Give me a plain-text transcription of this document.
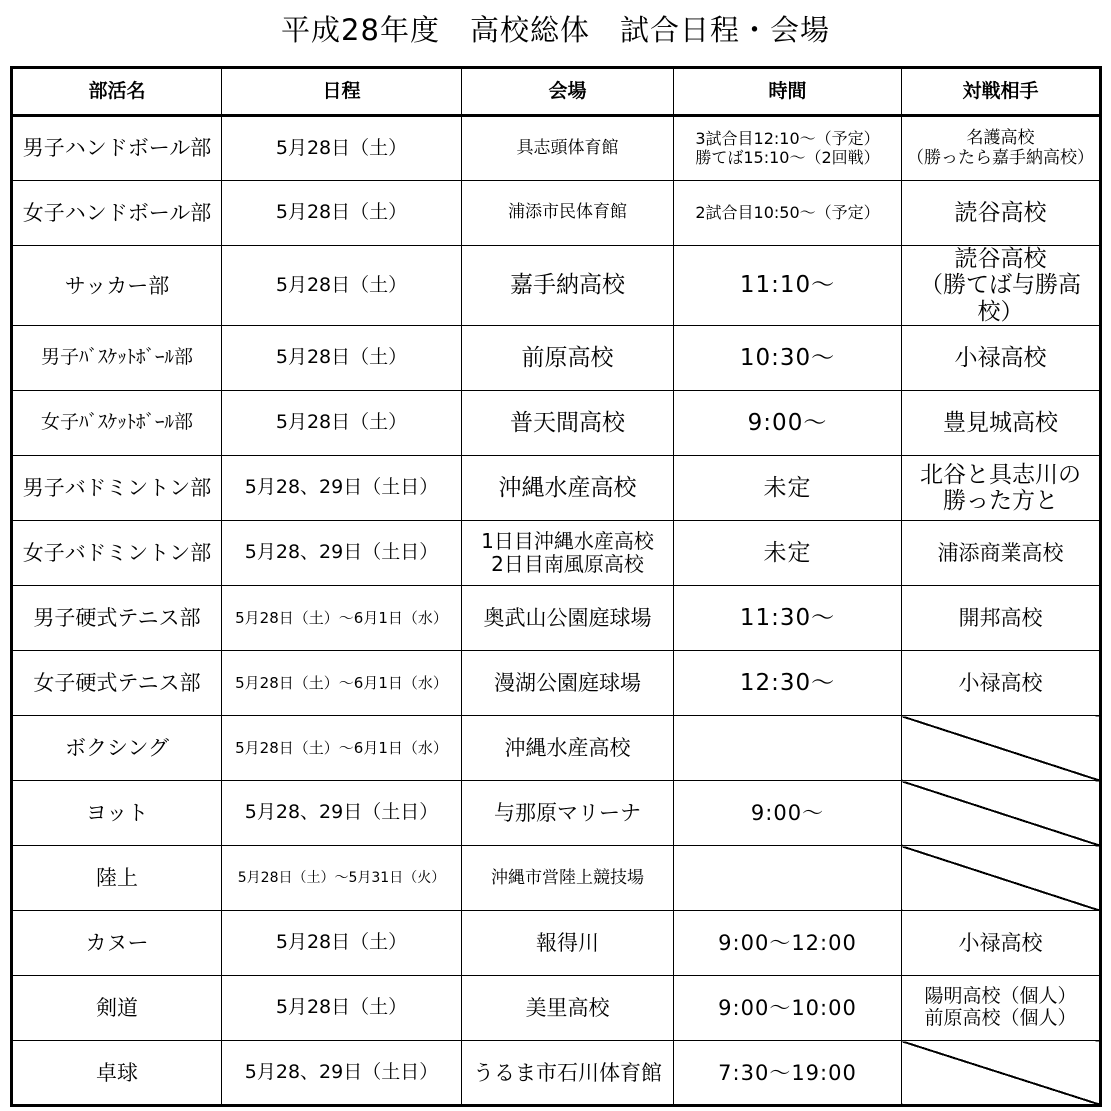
平成28年度　高校総体　試合日程・会場
部活名	日程	会場	時間	対戦相手
男子ハンドボール部	5月28日（土）	具志頭体育館	3試合目12:10～（予定）
勝てば15:10～（2回戦）	名護高校
（勝ったら嘉手納高校）
女子ハンドボール部	5月28日（土）	浦添市民体育館	2試合目10:50～（予定）	読谷高校
サッカー部	5月28日（土）	嘉手納高校	11:10～	読谷高校
（勝てば与勝高校）
男子ﾊﾞｽｹｯﾄﾎﾞｰﾙ部	5月28日（土）	前原高校	10:30～	小禄高校
女子ﾊﾞｽｹｯﾄﾎﾞｰﾙ部	5月28日（土）	普天間高校	9:00～	豊見城高校
男子バドミントン部	5月28、29日（土日）	沖縄水産高校	未定	北谷と具志川の
勝った方と
女子バドミントン部	5月28、29日（土日）	1日目沖縄水産高校
2日目南風原高校	未定	浦添商業高校
男子硬式テニス部	5月28日（土）～6月1日（水）	奥武山公園庭球場	11:30～	開邦高校
女子硬式テニス部	5月28日（土）～6月1日（水）	漫湖公園庭球場	12:30～	小禄高校
ボクシング	5月28日（土）～6月1日（水）	沖縄水産高校		
ヨット	5月28、29日（土日）	与那原マリーナ	9:00～	
陸上	5月28日（土）～5月31日（火）	沖縄市営陸上競技場		
カヌー	5月28日（土）	報得川	9:00～12:00	小禄高校
剣道	5月28日（土）	美里高校	9:00～10:00	陽明高校（個人）
前原高校（個人）
卓球	5月28、29日（土日）	うるま市石川体育館	7:30～19:00	
